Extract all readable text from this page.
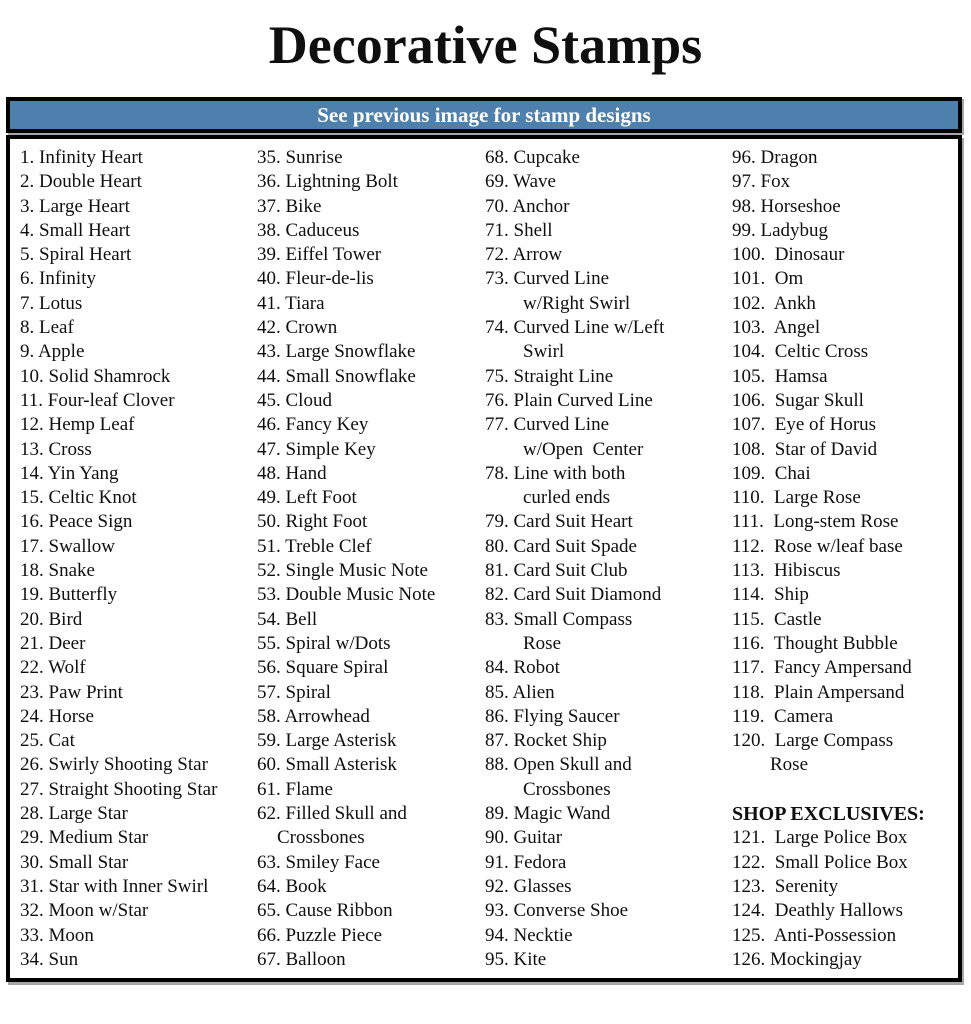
Decorative Stamps
See previous image for stamp designs
1. Infinity Heart
2. Double Heart
3. Large Heart
4. Small Heart
5. Spiral Heart
6. Infinity
7. Lotus
8. Leaf
9. Apple
10. Solid Shamrock
11. Four-leaf Clover
12. Hemp Leaf
13. Cross
14. Yin Yang
15. Celtic Knot
16. Peace Sign
17. Swallow
18. Snake
19. Butterfly
20. Bird
21. Deer
22. Wolf
23. Paw Print
24. Horse
25. Cat
26. Swirly Shooting Star
27. Straight Shooting Star
28. Large Star
29. Medium Star
30. Small Star
31. Star with Inner Swirl
32. Moon w/Star
33. Moon
34. Sun
35. Sunrise
36. Lightning Bolt
37. Bike
38. Caduceus
39. Eiffel Tower
40. Fleur-de-lis
41. Tiara
42. Crown
43. Large Snowflake
44. Small Snowflake
45. Cloud
46. Fancy Key
47. Simple Key
48. Hand
49. Left Foot
50. Right Foot
51. Treble Clef
52. Single Music Note
53. Double Music Note
54. Bell
55. Spiral w/Dots
56. Square Spiral
57. Spiral
58. Arrowhead
59. Large Asterisk
60. Small Asterisk
61. Flame
62. Filled Skull and
Crossbones
63. Smiley Face
64. Book
65. Cause Ribbon
66. Puzzle Piece
67. Balloon
68. Cupcake
69. Wave
70. Anchor
71. Shell
72. Arrow
73. Curved Line
w/Right Swirl
74. Curved Line w/Left
Swirl
75. Straight Line
76. Plain Curved Line
77. Curved Line
w/Open  Center
78. Line with both
curled ends
79. Card Suit Heart
80. Card Suit Spade
81. Card Suit Club
82. Card Suit Diamond
83. Small Compass
Rose
84. Robot
85. Alien
86. Flying Saucer
87. Rocket Ship
88. Open Skull and
Crossbones
89. Magic Wand
90. Guitar
91. Fedora
92. Glasses
93. Converse Shoe
94. Necktie
95. Kite
96. Dragon
97. Fox
98. Horseshoe
99. Ladybug
100.  Dinosaur
101.  Om
102.  Ankh
103.  Angel
104.  Celtic Cross
105.  Hamsa
106.  Sugar Skull
107.  Eye of Horus
108.  Star of David
109.  Chai
110.  Large Rose
111.  Long-stem Rose
112.  Rose w/leaf base
113.  Hibiscus
114.  Ship
115.  Castle
116.  Thought Bubble
117.  Fancy Ampersand
118.  Plain Ampersand
119.  Camera
120.  Large Compass
Rose

SHOP EXCLUSIVES:
121.  Large Police Box
122.  Small Police Box
123.  Serenity
124.  Deathly Hallows
125.  Anti-Possession
126. Mockingjay
